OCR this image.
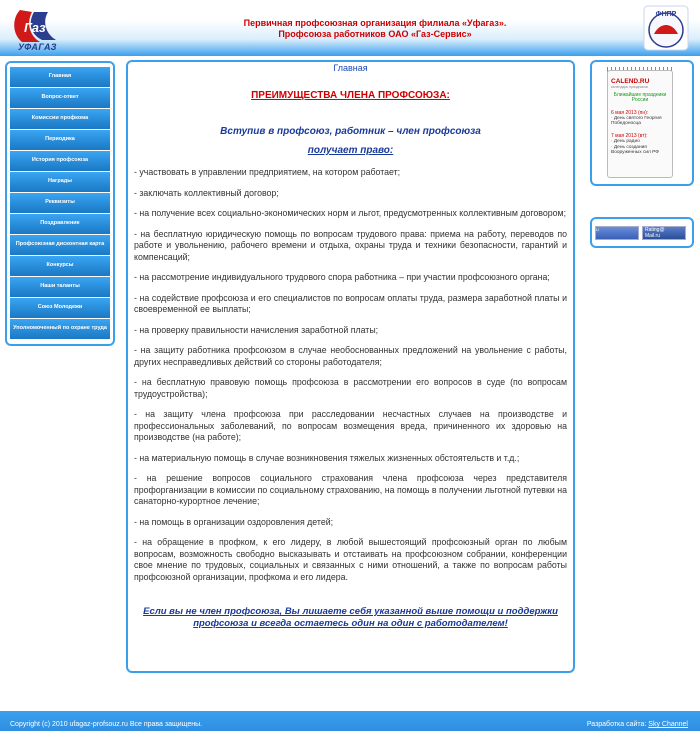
Газ
УФАГАЗ
Первичная профсоюзная организация филиала «Уфагаз».
Профсоюза работников ОАО «Газ-Сервис»
ФНПР
Главная
Вопрос-ответ
Комиссии профкома
Периодика
История профсоюза
Награды
Реквизиты
Поздравление
Профсоюзная дисконтная карта
Конкурсы
Наши таланты
Союз Молодежи
Уполномоченный по охране труда
Главная
ПРЕИМУЩЕСТВА ЧЛЕНА ПРОФСОЮЗА:
Вступив в профсоюз, работник – член профсоюза
получает право:

- участвовать в управлении предприятием, на котором работает;

- заключать коллективный договор;

- на получение всех социально-экономических норм и льгот, предусмотренных коллективным договором;

- на бесплатную юридическую помощь по вопросам трудового права: приема на работу, переводов по работе и увольнению, рабочего времени и отдыха, охраны труда и техники безопасности, гарантий и компенсаций;

- на рассмотрение индивидуального трудового спора работника – при участии профсоюзного органа;

- на содействие профсоюза и его специалистов по вопросам оплаты труда, размера заработной платы и своевременной ее выплаты;

- на проверку правильности начисления заработной платы;

- на защиту работника профсоюзом в случае необоснованных предложений на увольнение с работы, других несправедливых действий со стороны работодателя;

- на бесплатную правовую помощь профсоюза в рассмотрении его вопросов в суде (по вопросам трудоустройства);

- на защиту члена профсоюза при расследовании несчастных случаев на производстве и профессиональных заболеваний, по вопросам возмещения вреда, причиненного их здоровью на производстве (на работе);

- на материальную помощь в случае возникновения тяжелых жизненных обстоятельств и т.д.;

- на решение вопросов социального страхования члена профсоюза через представителя профорганизации в комиссии по социальному страхованию, на помощь в получении льготной путевки на санаторно-курортное лечение;

- на помощь в организации оздоровления детей;

- на обращение в профком, к его лидеру, в любой вышестоящий профсоюзный орган по любым вопросам, возможность свободно высказывать и отстаивать на профсоюзном собрании, конференции свое мнение по трудовых, социальных и связанных с ними отношений, а также по вопросам работы профсоюзной организации, профкома и его лидера.

Если вы не член профсоюза, Вы лишаете себя указанной выше помощи и поддержки профсоюза и всегда остаетесь один на один с работодателем!
CALEND.RU
календарь праздников
Ближайшие праздники России
6 мая 2013 (пн):
· День святого Георгия Победоносца
7 мая 2013 (вт):
· День радио
· День создания Вооруженных сил РФ
LI	Rating@
Mail.ru
Copyright (c) 2010 ufagaz-profsouz.ru Все права защищены.	Разработка сайта: Sky Channel
